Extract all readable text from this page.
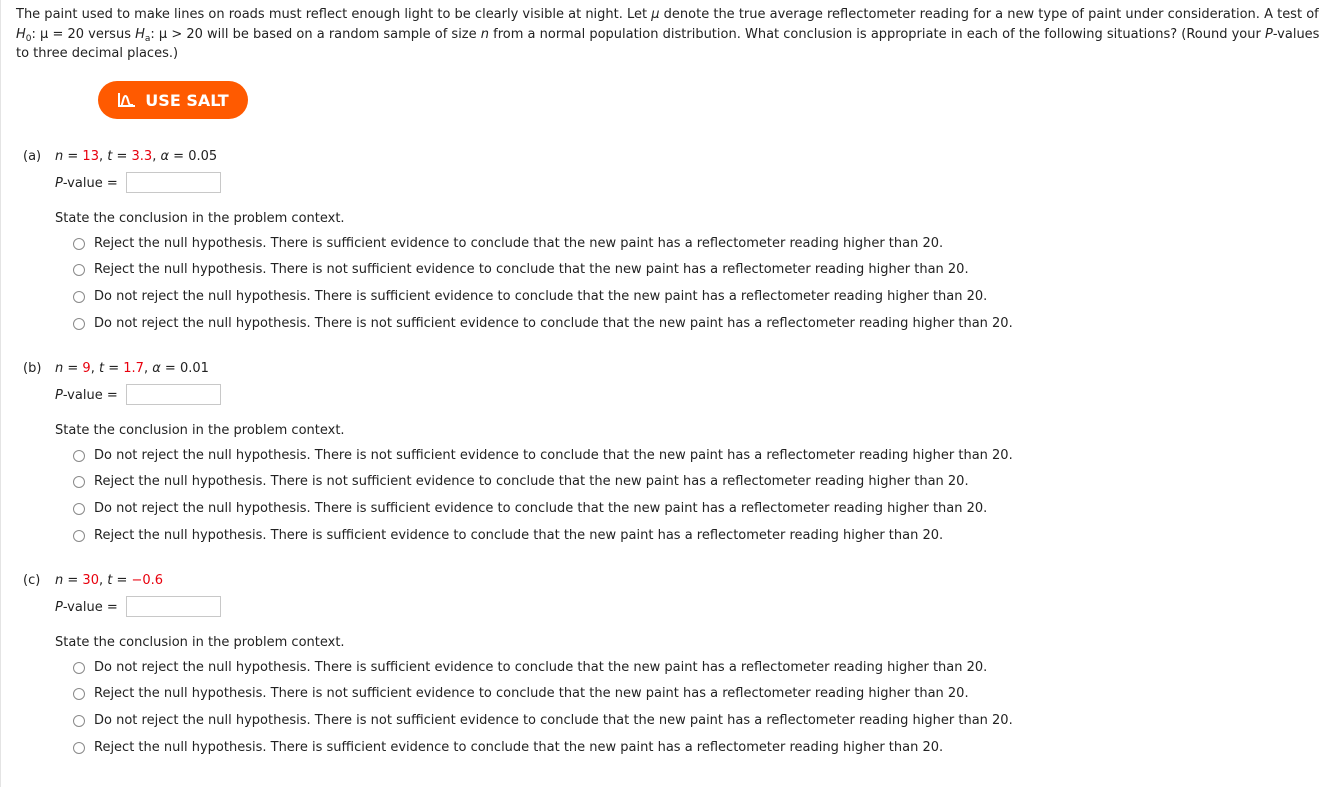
The paint used to make lines on roads must reflect enough light to be clearly visible at night. Let μ denote the true average reflectometer reading for a new type of paint under consideration. A test of $H_0$: μ = 20 versus $H_a$: μ > 20 will be based on a random sample of size n from a normal population distribution. What conclusion is appropriate in each of the following situations? (Round your P-values to three decimal places.)
USE SALT
(a) n = 13, t = 3.3, α = 0.05
P-value =
State the conclusion in the problem context.
Reject the null hypothesis. There is sufficient evidence to conclude that the new paint has a reflectometer reading higher than 20.
Reject the null hypothesis. There is not sufficient evidence to conclude that the new paint has a reflectometer reading higher than 20.
Do not reject the null hypothesis. There is sufficient evidence to conclude that the new paint has a reflectometer reading higher than 20.
Do not reject the null hypothesis. There is not sufficient evidence to conclude that the new paint has a reflectometer reading higher than 20.
(b) n = 9, t = 1.7, α = 0.01
P-value =
State the conclusion in the problem context.
Do not reject the null hypothesis. There is not sufficient evidence to conclude that the new paint has a reflectometer reading higher than 20.
Reject the null hypothesis. There is not sufficient evidence to conclude that the new paint has a reflectometer reading higher than 20.
Do not reject the null hypothesis. There is sufficient evidence to conclude that the new paint has a reflectometer reading higher than 20.
Reject the null hypothesis. There is sufficient evidence to conclude that the new paint has a reflectometer reading higher than 20.
(c) n = 30, t = −0.6
P-value =
State the conclusion in the problem context.
Do not reject the null hypothesis. There is sufficient evidence to conclude that the new paint has a reflectometer reading higher than 20.
Reject the null hypothesis. There is not sufficient evidence to conclude that the new paint has a reflectometer reading higher than 20.
Do not reject the null hypothesis. There is not sufficient evidence to conclude that the new paint has a reflectometer reading higher than 20.
Reject the null hypothesis. There is sufficient evidence to conclude that the new paint has a reflectometer reading higher than 20.
